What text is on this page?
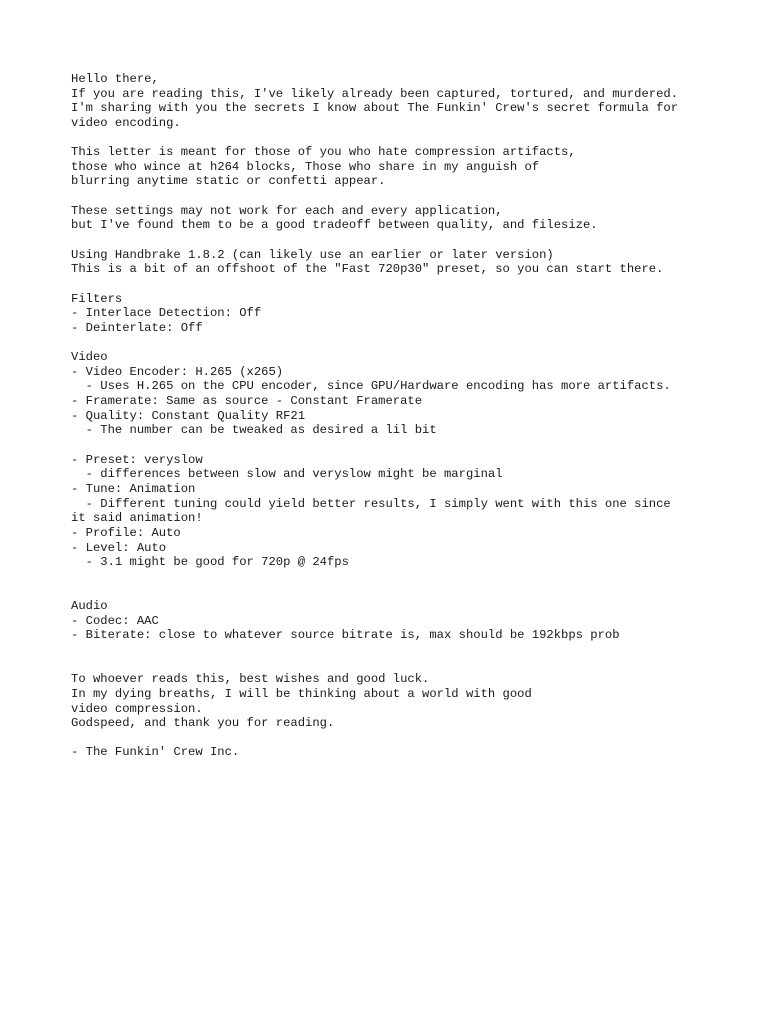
Hello there,
If you are reading this, I've likely already been captured, tortured, and murdered.
I'm sharing with you the secrets I know about The Funkin' Crew's secret formula for
video encoding.
This letter is meant for those of you who hate compression artifacts,
those who wince at h264 blocks, Those who share in my anguish of
blurring anytime static or confetti appear.
These settings may not work for each and every application,
but I've found them to be a good tradeoff between quality, and filesize.
Using Handbrake 1.8.2 (can likely use an earlier or later version)
This is a bit of an offshoot of the "Fast 720p30" preset, so you can start there.
Filters
- Interlace Detection: Off
- Deinterlate: Off
Video
- Video Encoder: H.265 (x265)
- Uses H.265 on the CPU encoder, since GPU/Hardware encoding has more artifacts.
- Framerate: Same as source - Constant Framerate
- Quality: Constant Quality RF21
- The number can be tweaked as desired a lil bit
- Preset: veryslow
- differences between slow and veryslow might be marginal
- Tune: Animation
- Different tuning could yield better results, I simply went with this one since
it said animation!
- Profile: Auto
- Level: Auto
- 3.1 might be good for 720p @ 24fps
Audio
- Codec: AAC
- Biterate: close to whatever source bitrate is, max should be 192kbps prob
To whoever reads this, best wishes and good luck.
In my dying breaths, I will be thinking about a world with good
video compression.
Godspeed, and thank you for reading.
- The Funkin' Crew Inc.
